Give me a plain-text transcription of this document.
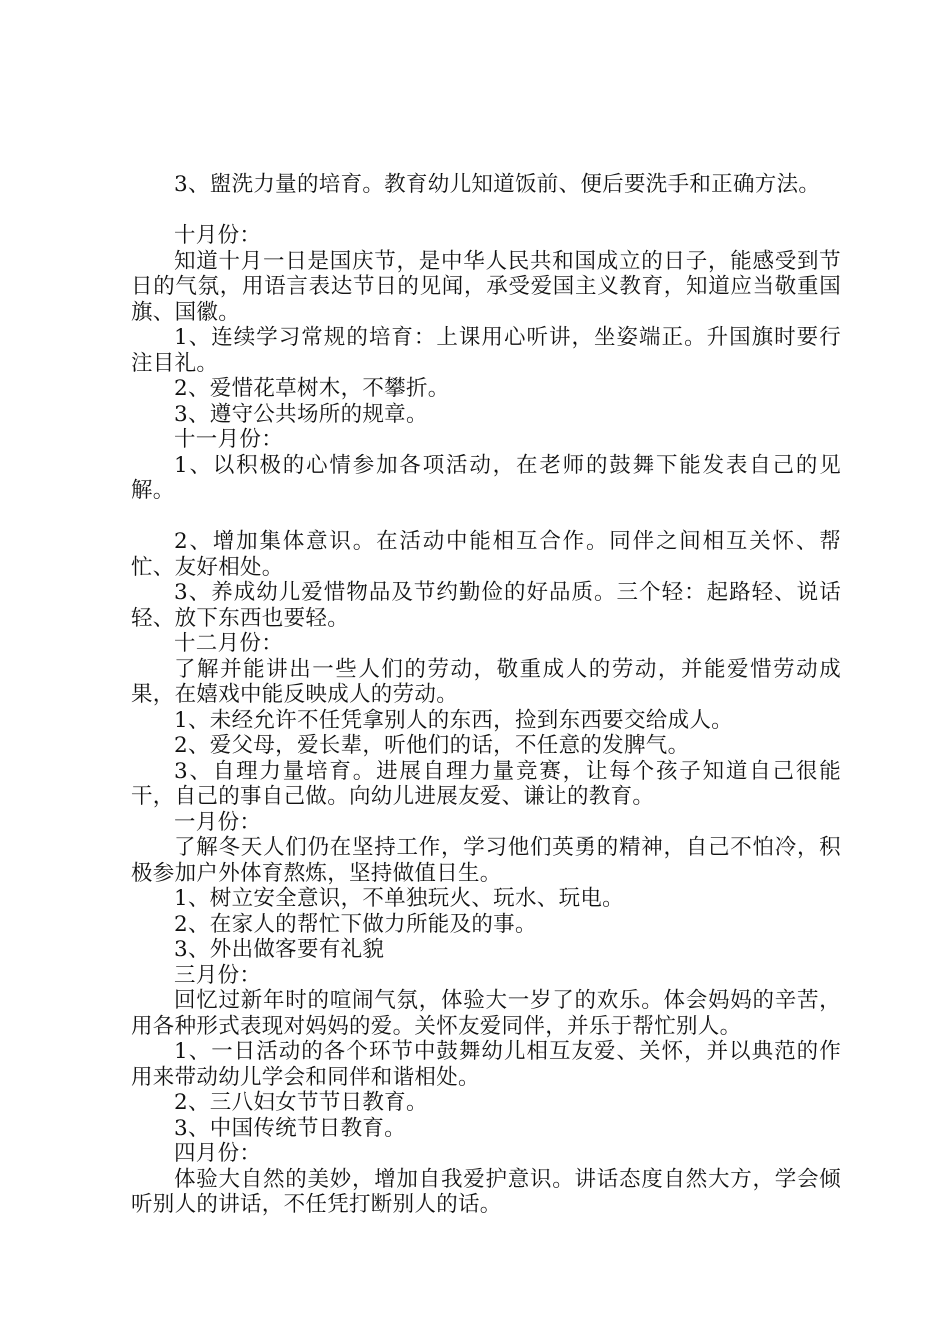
3、盥洗力量的培育。教育幼儿知道饭前、便后要洗手和正确方法。

十月份：

知道十月一日是国庆节，是中华人民共和国成立的日子，能感受到节日的气氛，用语言表达节日的见闻，承受爱国主义教育，知道应当敬重国旗、国徽。

1、连续学习常规的培育：上课用心听讲，坐姿端正。升国旗时要行注目礼。

2、爱惜花草树木，不攀折。

3、遵守公共场所的规章。

十一月份：

1、以积极的心情参加各项活动，在老师的鼓舞下能发表自己的见解。

2、增加集体意识。在活动中能相互合作。同伴之间相互关怀、帮忙、友好相处。

3、养成幼儿爱惜物品及节约勤俭的好品质。三个轻：起路轻、说话轻、放下东西也要轻。

十二月份：

了解并能讲出一些人们的劳动，敬重成人的劳动，并能爱惜劳动成果，在嬉戏中能反映成人的劳动。

1、未经允许不任凭拿别人的东西，捡到东西要交给成人。

2、爱父母，爱长辈，听他们的话，不任意的发脾气。

3、自理力量培育。进展自理力量竞赛，让每个孩子知道自己很能干，自己的事自己做。向幼儿进展友爱、谦让的教育。

一月份：

了解冬天人们仍在坚持工作，学习他们英勇的精神，自己不怕冷，积极参加户外体育熬炼，坚持做值日生。

1、树立安全意识，不单独玩火、玩水、玩电。

2、在家人的帮忙下做力所能及的事。

3、外出做客要有礼貌

三月份：

回忆过新年时的喧闹气氛，体验大一岁了的欢乐。体会妈妈的辛苦，用各种形式表现对妈妈的爱。关怀友爱同伴，并乐于帮忙别人。

1、一日活动的各个环节中鼓舞幼儿相互友爱、关怀，并以典范的作用来带动幼儿学会和同伴和谐相处。

2、三八妇女节节日教育。

3、中国传统节日教育。

四月份：

体验大自然的美妙，增加自我爱护意识。讲话态度自然大方，学会倾听别人的讲话，不任凭打断别人的话。
